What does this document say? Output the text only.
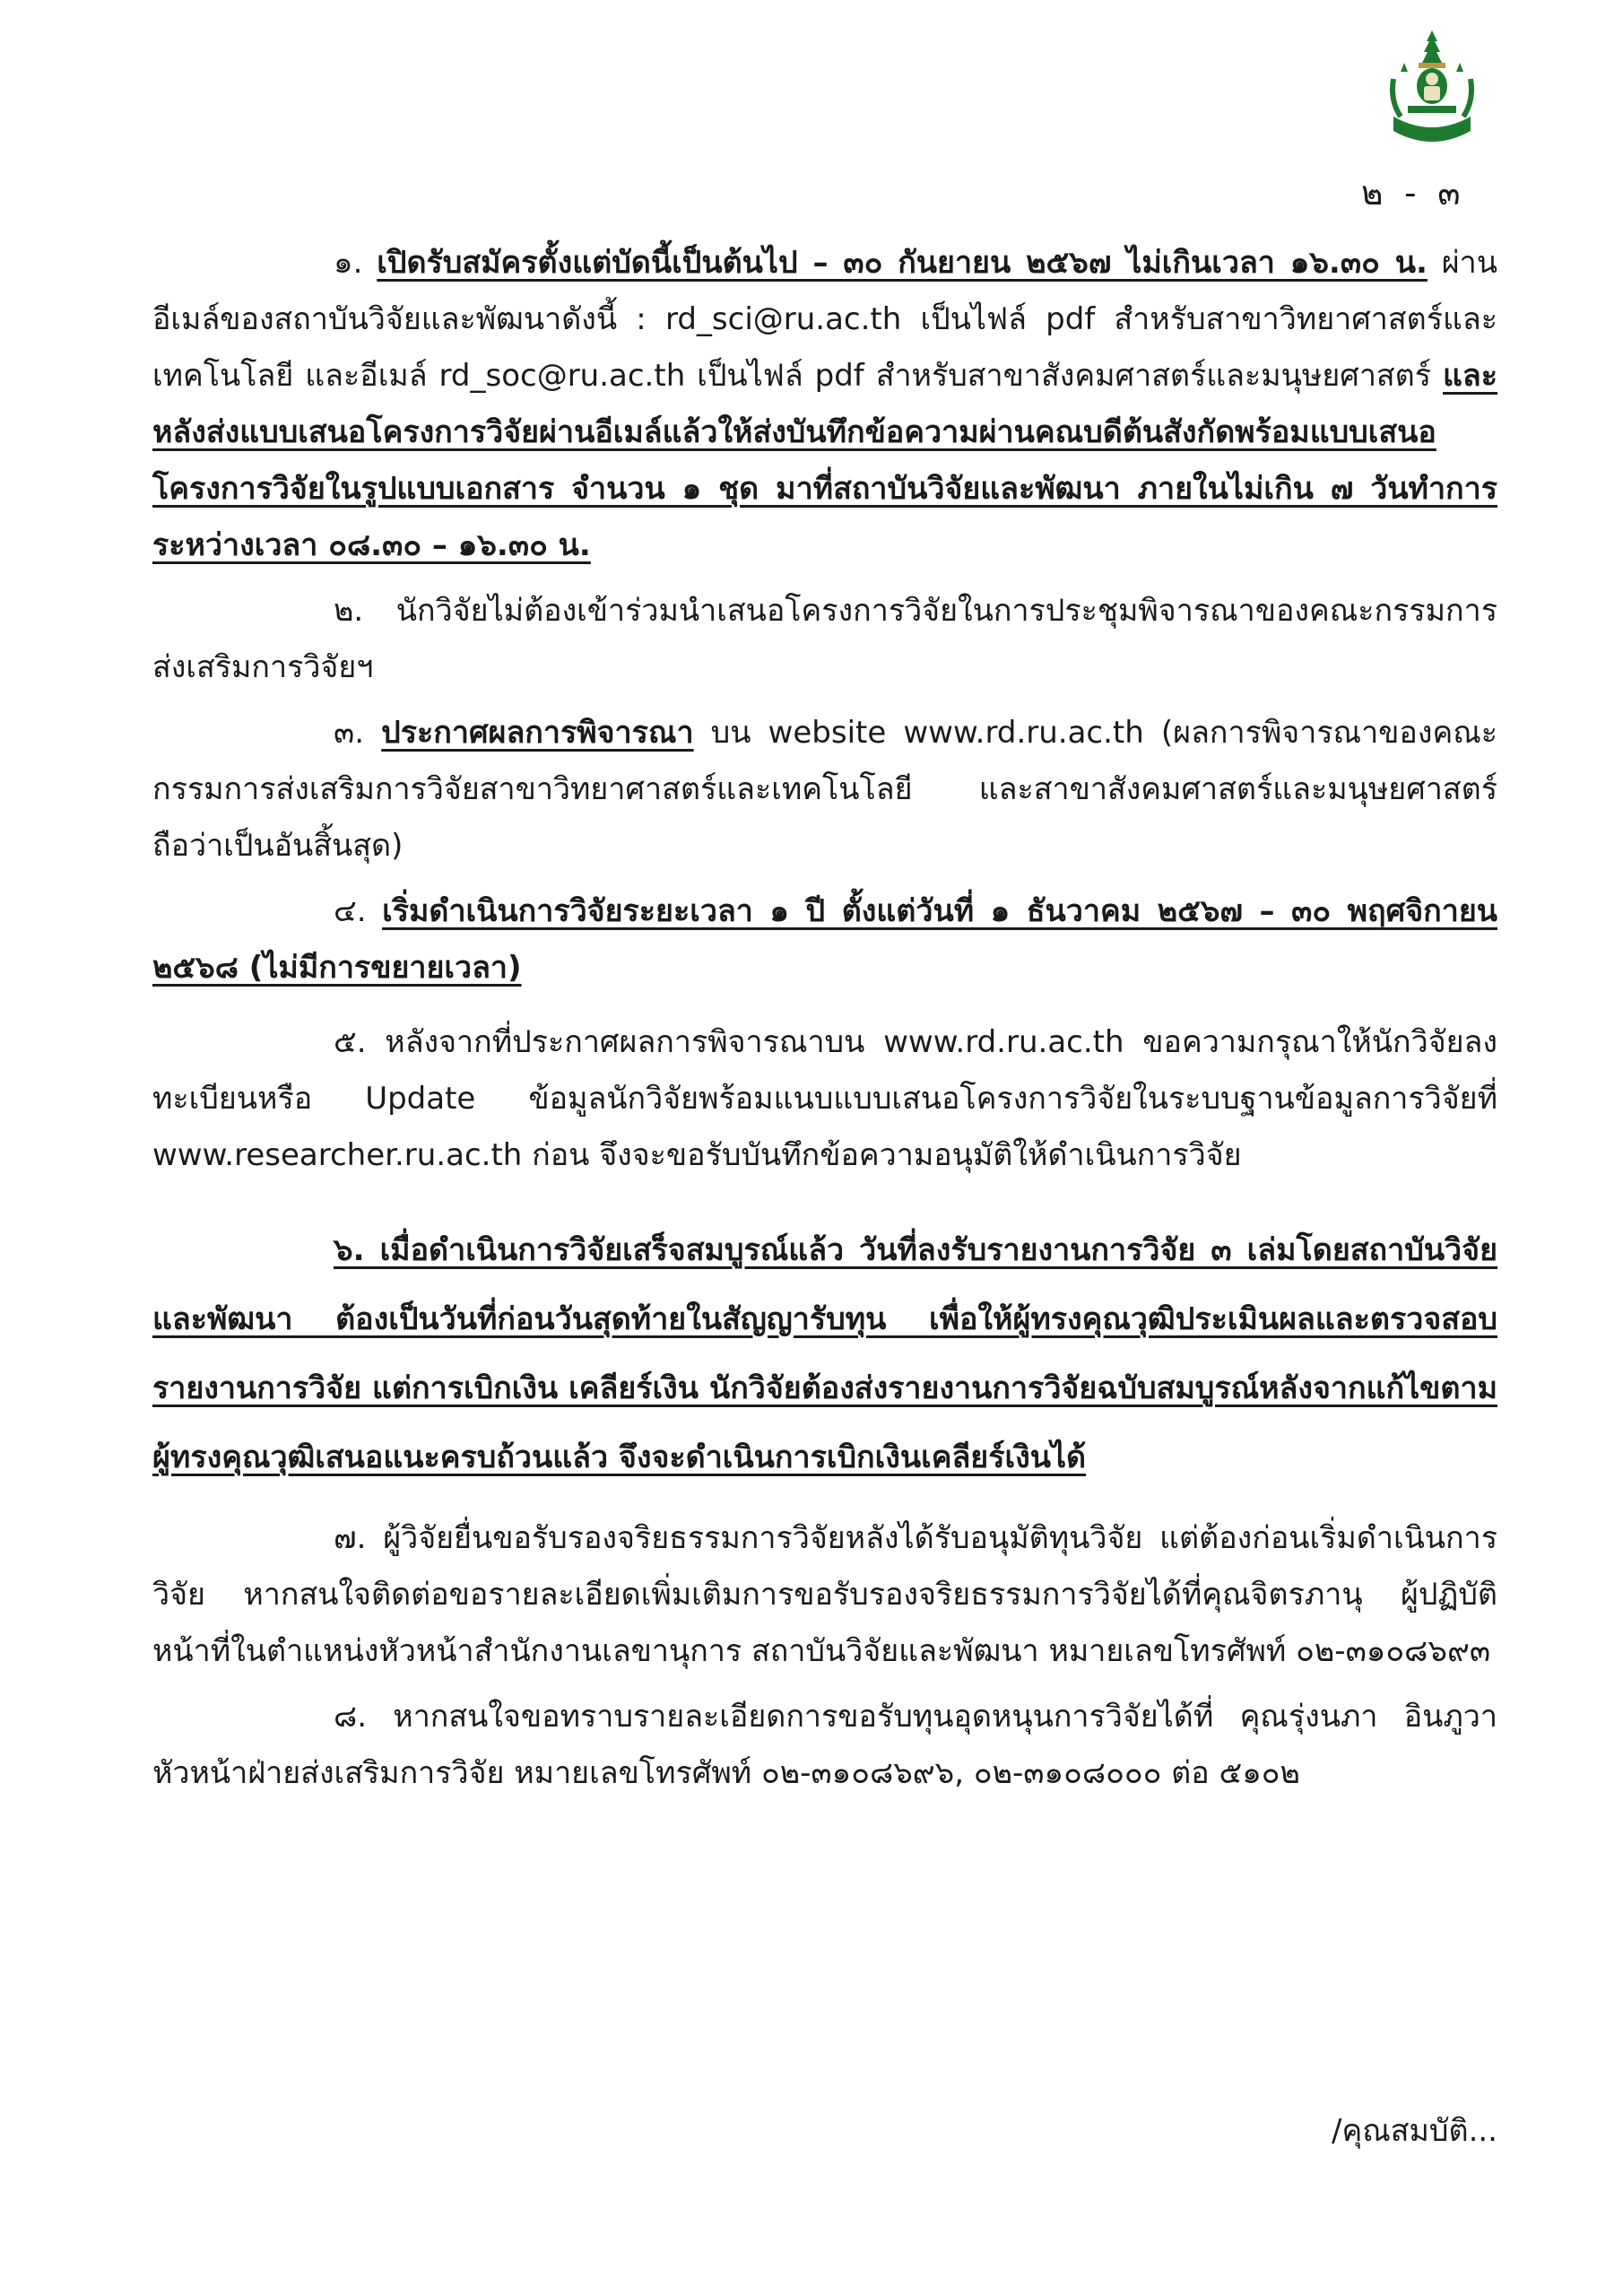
๒ - ๓

๑. เปิดรับสมัครตั้งแต่บัดนี้เป็นต้นไป – ๓๐ กันยายน ๒๕๖๗ ไม่เกินเวลา ๑๖.๓๐ น. ผ่านอีเมล์ของสถาบันวิจัยและพัฒนาดังนี้ : rd_sci@ru.ac.th เป็นไฟล์ pdf สำหรับสาขาวิทยาศาสตร์และเทคโนโลยี และอีเมล์ rd_soc@ru.ac.th เป็นไฟล์ pdf สำหรับสาขาสังคมศาสตร์และมนุษยศาสตร์ และหลังส่งแบบเสนอโครงการวิจัยผ่านอีเมล์แล้วให้ส่งบันทึกข้อความผ่านคณบดีต้นสังกัดพร้อมแบบเสนอโครงการวิจัยในรูปแบบเอกสาร จำนวน ๑ ชุด มาที่สถาบันวิจัยและพัฒนา ภายในไม่เกิน ๗ วันทำการ ระหว่างเวลา ๐๘.๓๐ – ๑๖.๓๐ น.

๒. นักวิจัยไม่ต้องเข้าร่วมนำเสนอโครงการวิจัยในการประชุมพิจารณาของคณะกรรมการส่งเสริมการวิจัยฯ

๓. ประกาศผลการพิจารณา บน website www.rd.ru.ac.th (ผลการพิจารณาของคณะกรรมการส่งเสริมการวิจัยสาขาวิทยาศาสตร์และเทคโนโลยี และสาขาสังคมศาสตร์และมนุษยศาสตร์ถือว่าเป็นอันสิ้นสุด)

๔. เริ่มดำเนินการวิจัยระยะเวลา ๑ ปี ตั้งแต่วันที่ ๑ ธันวาคม ๒๕๖๗ – ๓๐ พฤศจิกายน ๒๕๖๘ (ไม่มีการขยายเวลา)

๕. หลังจากที่ประกาศผลการพิจารณาบน www.rd.ru.ac.th ขอความกรุณาให้นักวิจัยลงทะเบียนหรือ Update ข้อมูลนักวิจัยพร้อมแนบแบบเสนอโครงการวิจัยในระบบฐานข้อมูลการวิจัยที่ www.researcher.ru.ac.th ก่อน จึงจะขอรับบันทึกข้อความอนุมัติให้ดำเนินการวิจัย

๖. เมื่อดำเนินการวิจัยเสร็จสมบูรณ์แล้ว วันที่ลงรับรายงานการวิจัย ๓ เล่มโดยสถาบันวิจัยและพัฒนา ต้องเป็นวันที่ก่อนวันสุดท้ายในสัญญารับทุน เพื่อให้ผู้ทรงคุณวุฒิประเมินผลและตรวจสอบรายงานการวิจัย แต่การเบิกเงิน เคลียร์เงิน นักวิจัยต้องส่งรายงานการวิจัยฉบับสมบูรณ์หลังจากแก้ไขตามผู้ทรงคุณวุฒิเสนอแนะครบถ้วนแล้ว จึงจะดำเนินการเบิกเงินเคลียร์เงินได้

๗. ผู้วิจัยยื่นขอรับรองจริยธรรมการวิจัยหลังได้รับอนุมัติทุนวิจัย แต่ต้องก่อนเริ่มดำเนินการวิจัย หากสนใจติดต่อขอรายละเอียดเพิ่มเติมการขอรับรองจริยธรรมการวิจัยได้ที่คุณจิตรภานุ ผู้ปฏิบัติหน้าที่ในตำแหน่งหัวหน้าสำนักงานเลขานุการ สถาบันวิจัยและพัฒนา หมายเลขโทรศัพท์ ๐๒-๓๑๐๘๖๙๓

๘. หากสนใจขอทราบรายละเอียดการขอรับทุนอุดหนุนการวิจัยได้ที่ คุณรุ่งนภา อินภูวา หัวหน้าฝ่ายส่งเสริมการวิจัย หมายเลขโทรศัพท์ ๐๒-๓๑๐๘๖๙๖, ๐๒-๓๑๐๘๐๐๐ ต่อ ๕๑๐๒

/คุณสมบัติ...
